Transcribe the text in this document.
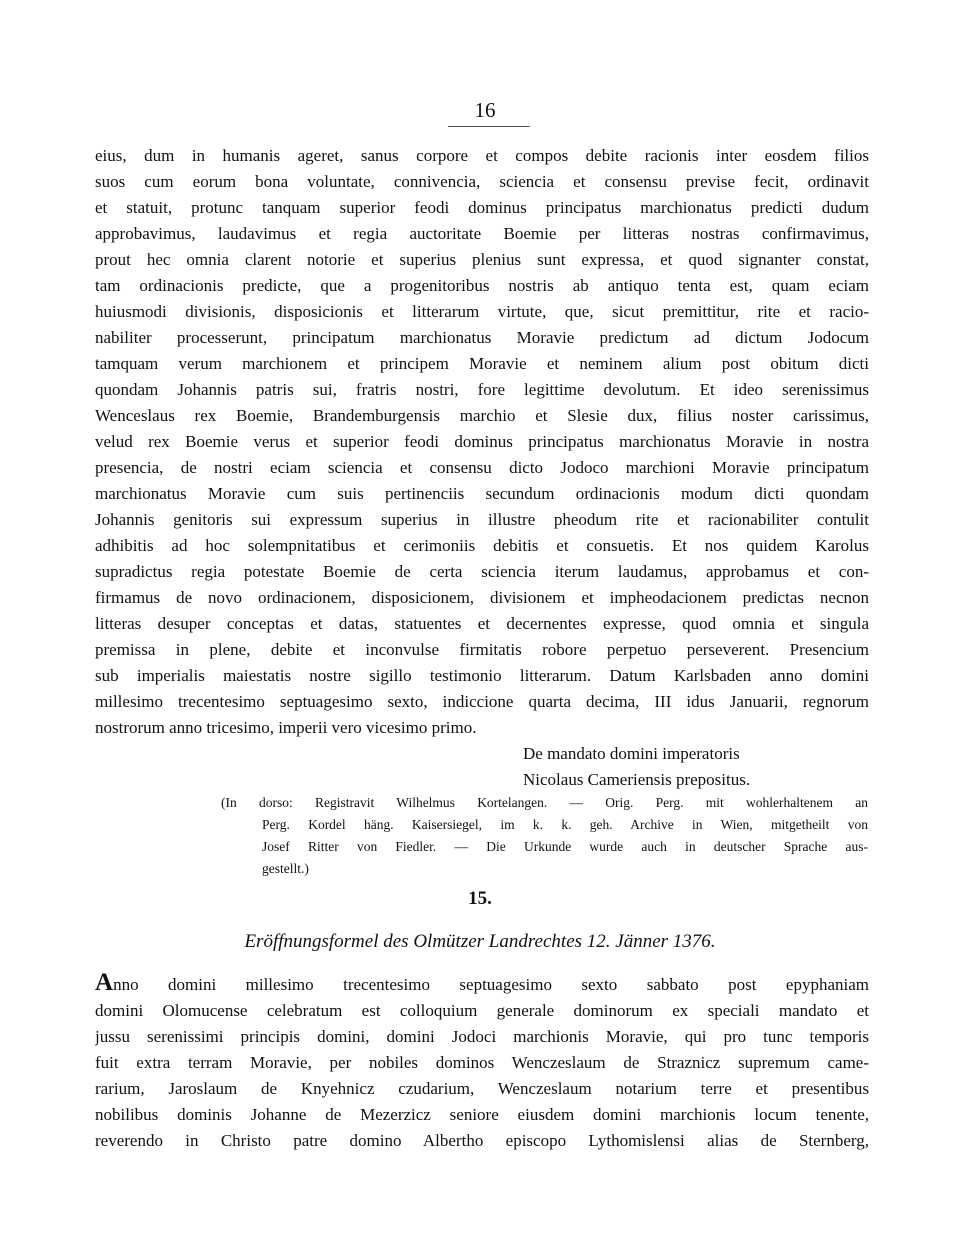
16
eius, dum in humanis ageret, sanus corpore et compos debite racionis inter eosdem filios
suos cum eorum bona voluntate, connivencia, sciencia et consensu previse fecit, ordinavit
et statuit, protunc tanquam superior feodi dominus principatus marchionatus predicti dudum
approbavimus, laudavimus et regia auctoritate Boemie per litteras nostras confirmavimus,
prout hec omnia clarent notorie et superius plenius sunt expressa, et quod signanter constat,
tam ordinacionis predicte, que a progenitoribus nostris ab antiquo tenta est, quam eciam
huiusmodi divisionis, disposicionis et litterarum virtute, que, sicut premittitur, rite et racio-
nabiliter processerunt, principatum marchionatus Moravie predictum ad dictum Jodocum
tamquam verum marchionem et principem Moravie et neminem alium post obitum dicti
quondam Johannis patris sui, fratris nostri, fore legittime devolutum. Et ideo serenissimus
Wenceslaus rex Boemie, Brandemburgensis marchio et Slesie dux, filius noster carissimus,
velud rex Boemie verus et superior feodi dominus principatus marchionatus Moravie in nostra
presencia, de nostri eciam sciencia et consensu dicto Jodoco marchioni Moravie principatum
marchionatus Moravie cum suis pertinenciis secundum ordinacionis modum dicti quondam
Johannis genitoris sui expressum superius in illustre pheodum rite et racionabiliter contulit
adhibitis ad hoc solempnitatibus et cerimoniis debitis et consuetis. Et nos quidem Karolus
supradictus regia potestate Boemie de certa sciencia iterum laudamus, approbamus et con-
firmamus de novo ordinacionem, disposicionem, divisionem et impheodacionem predictas necnon
litteras desuper conceptas et datas, statuentes et decernentes expresse, quod omnia et singula
premissa in plene, debite et inconvulse firmitatis robore perpetuo perseverent. Presencium
sub imperialis maiestatis nostre sigillo testimonio litterarum. Datum Karlsbaden anno domini
millesimo trecentesimo septuagesimo sexto, indiccione quarta decima, III idus Januarii, regnorum
nostrorum anno tricesimo, imperii vero vicesimo primo.
De mandato domini imperatoris
Nicolaus Cameriensis prepositus.
(In dorso: Registravit Wilhelmus Kortelangen. — Orig. Perg. mit wohlerhaltenem an
Perg. Kordel häng. Kaisersiegel, im k. k. geh. Archive in Wien, mitgetheilt von
Josef Ritter von Fiedler. — Die Urkunde wurde auch in deutscher Sprache aus-
gestellt.)
15.
Eröffnungsformel des Olmützer Landrechtes 12. Jänner 1376.
Anno domini millesimo trecentesimo septuagesimo sexto sabbato post epyphaniam
domini Olomucense celebratum est colloquium generale dominorum ex speciali mandato et
jussu serenissimi principis domini, domini Jodoci marchionis Moravie, qui pro tunc temporis
fuit extra terram Moravie, per nobiles dominos Wenczeslaum de Straznicz supremum came-
rarium, Jaroslaum de Knyehnicz czudarium, Wenczeslaum notarium terre et presentibus
nobilibus dominis Johanne de Mezerzicz seniore eiusdem domini marchionis locum tenente,
reverendo in Christo patre domino Albertho episcopo Lythomislensi alias de Sternberg,
